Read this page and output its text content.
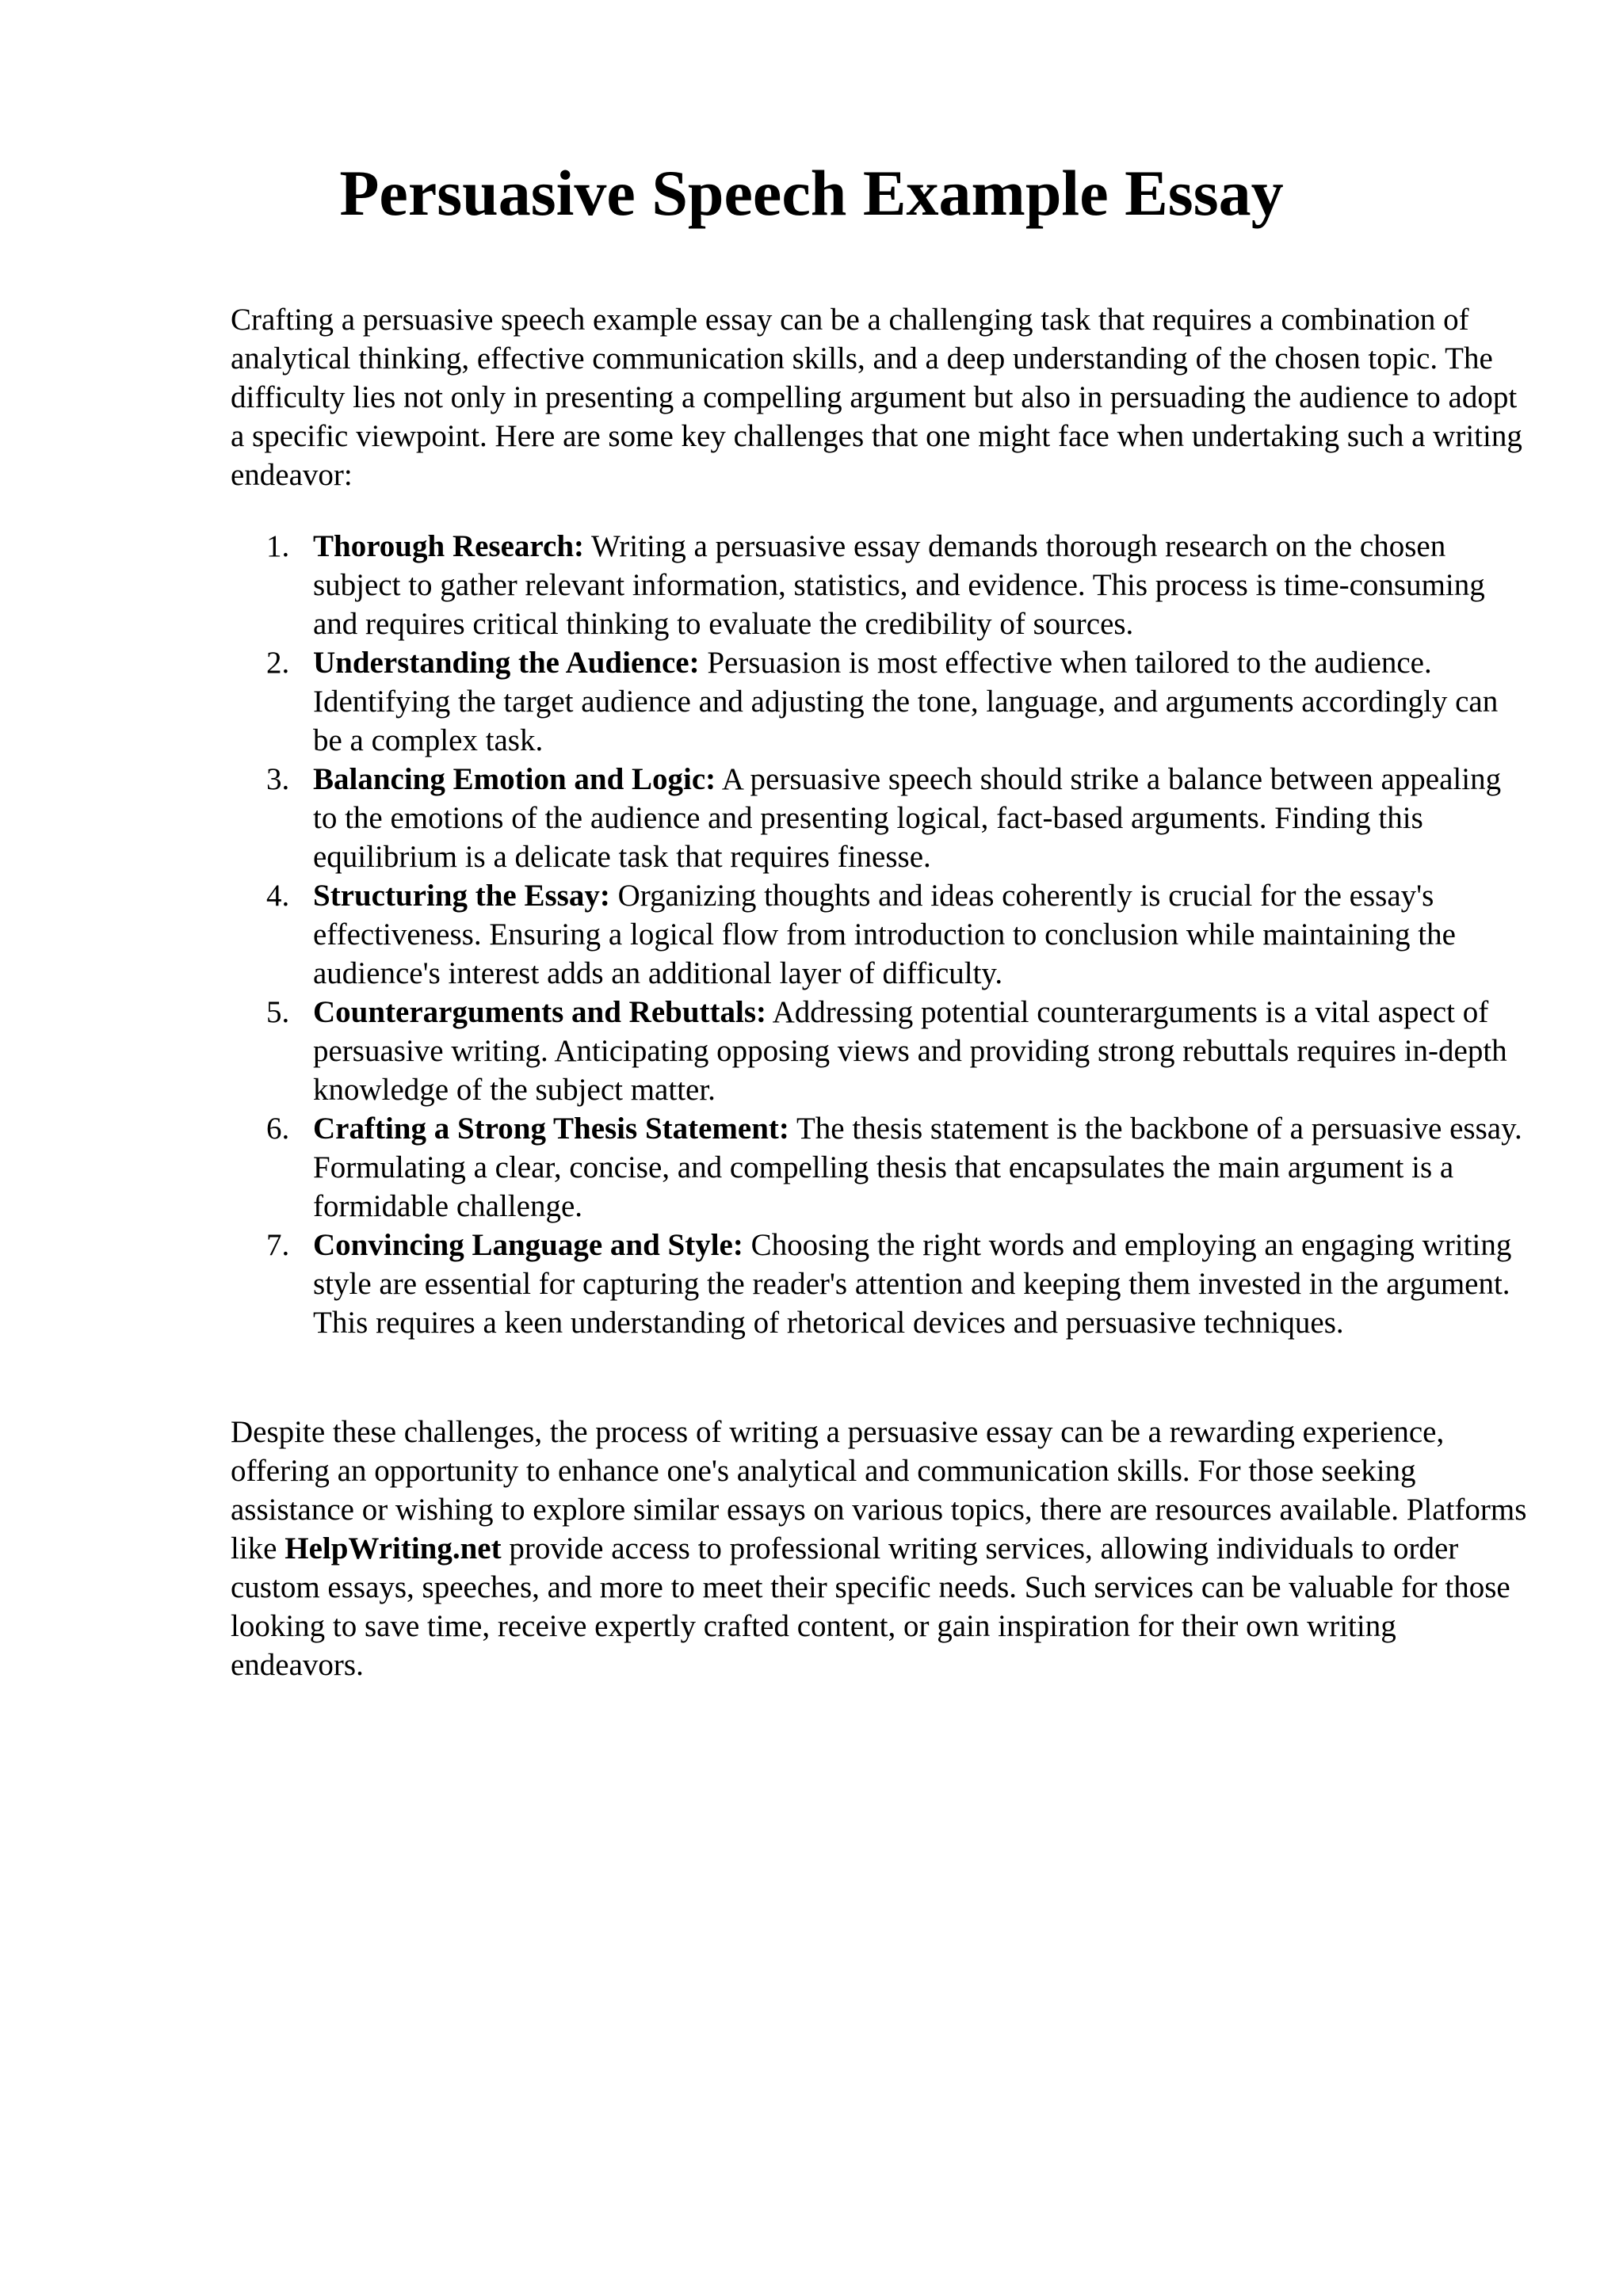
Persuasive Speech Example Essay

Crafting a persuasive speech example essay can be a challenging task that requires a combination of analytical thinking, effective communication skills, and a deep understanding of the chosen topic. The difficulty lies not only in presenting a compelling argument but also in persuading the audience to adopt a specific viewpoint. Here are some key challenges that one might face when undertaking such a writing endeavor:

1. Thorough Research: Writing a persuasive essay demands thorough research on the chosen subject to gather relevant information, statistics, and evidence. This process is time-consuming and requires critical thinking to evaluate the credibility of sources.
2. Understanding the Audience: Persuasion is most effective when tailored to the audience. Identifying the target audience and adjusting the tone, language, and arguments accordingly can be a complex task.
3. Balancing Emotion and Logic: A persuasive speech should strike a balance between appealing to the emotions of the audience and presenting logical, fact-based arguments. Finding this equilibrium is a delicate task that requires finesse.
4. Structuring the Essay: Organizing thoughts and ideas coherently is crucial for the essay's effectiveness. Ensuring a logical flow from introduction to conclusion while maintaining the audience's interest adds an additional layer of difficulty.
5. Counterarguments and Rebuttals: Addressing potential counterarguments is a vital aspect of persuasive writing. Anticipating opposing views and providing strong rebuttals requires in-depth knowledge of the subject matter.
6. Crafting a Strong Thesis Statement: The thesis statement is the backbone of a persuasive essay. Formulating a clear, concise, and compelling thesis that encapsulates the main argument is a formidable challenge.
7. Convincing Language and Style: Choosing the right words and employing an engaging writing style are essential for capturing the reader's attention and keeping them invested in the argument. This requires a keen understanding of rhetorical devices and persuasive techniques.

Despite these challenges, the process of writing a persuasive essay can be a rewarding experience, offering an opportunity to enhance one's analytical and communication skills. For those seeking assistance or wishing to explore similar essays on various topics, there are resources available. Platforms like HelpWriting.net provide access to professional writing services, allowing individuals to order custom essays, speeches, and more to meet their specific needs. Such services can be valuable for those looking to save time, receive expertly crafted content, or gain inspiration for their own writing endeavors.
